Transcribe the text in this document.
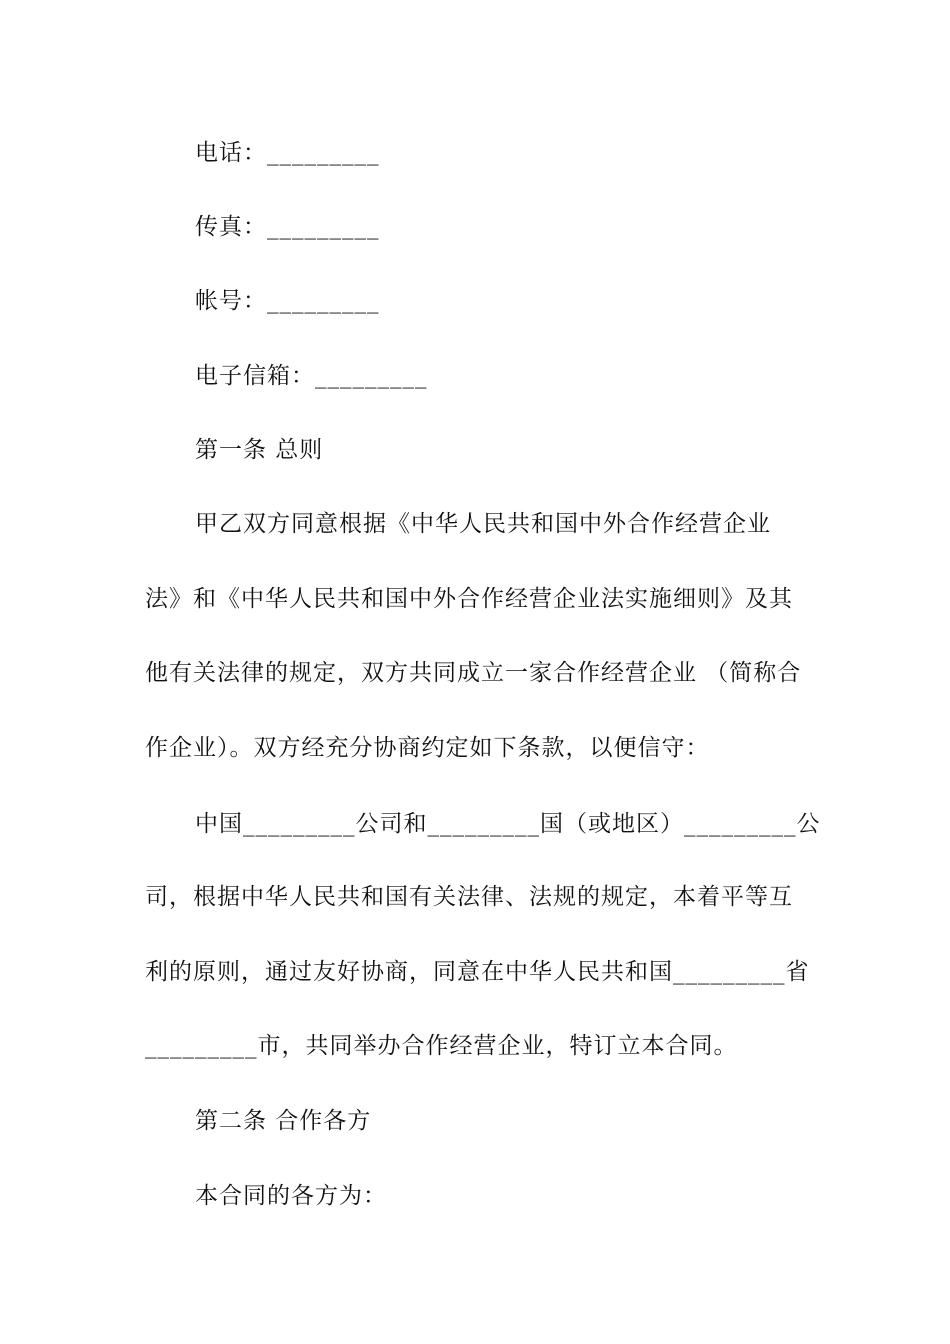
电话：_________
传真：_________
帐号：_________
电子信箱：_________
第一条 总则
甲乙双方同意根据《中华人民共和国中外合作经营企业
法》和《中华人民共和国中外合作经营企业法实施细则》及其
他有关法律的规定，双方共同成立一家合作经营企业 （简称合
作企业）。双方经充分协商约定如下条款，以便信守：
中国_________公司和_________国（或地区）_________公
司，根据中华人民共和国有关法律、法规的规定，本着平等互
利的原则，通过友好协商，同意在中华人民共和国_________省
_________市，共同举办合作经营企业，特订立本合同。
第二条 合作各方
本合同的各方为：
